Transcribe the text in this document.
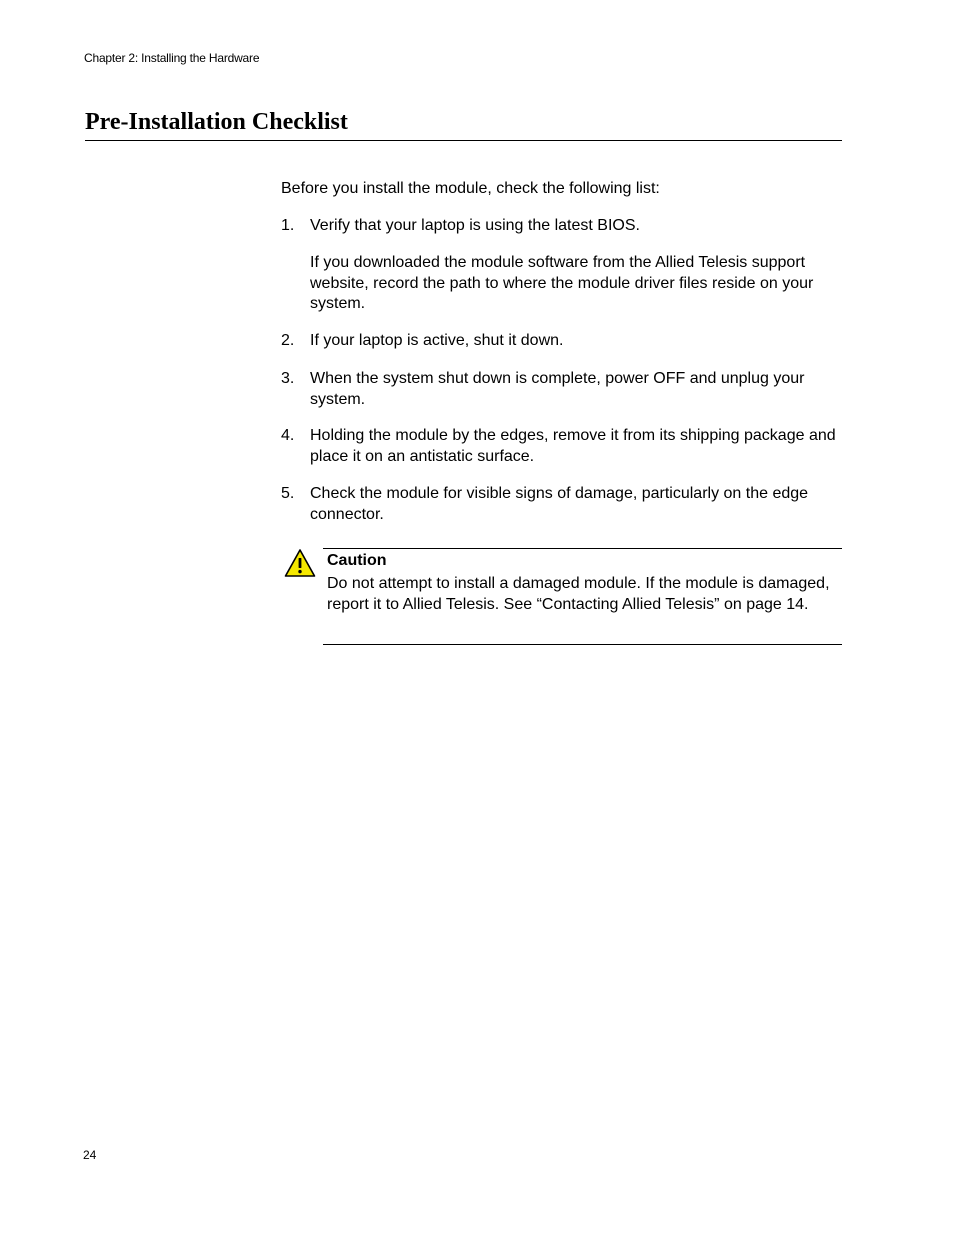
Chapter 2: Installing the Hardware
Pre-Installation Checklist
Before you install the module, check the following list:
1. Verify that your laptop is using the latest BIOS.
If you downloaded the module software from the Allied Telesis support website, record the path to where the module driver files reside on your system.
2. If your laptop is active, shut it down.
3. When the system shut down is complete, power OFF and unplug your system.
4. Holding the module by the edges, remove it from its shipping package and place it on an antistatic surface.
5. Check the module for visible signs of damage, particularly on the edge connector.
Caution
Do not attempt to install a damaged module. If the module is damaged, report it to Allied Telesis. See “Contacting Allied Telesis” on page 14.
24
